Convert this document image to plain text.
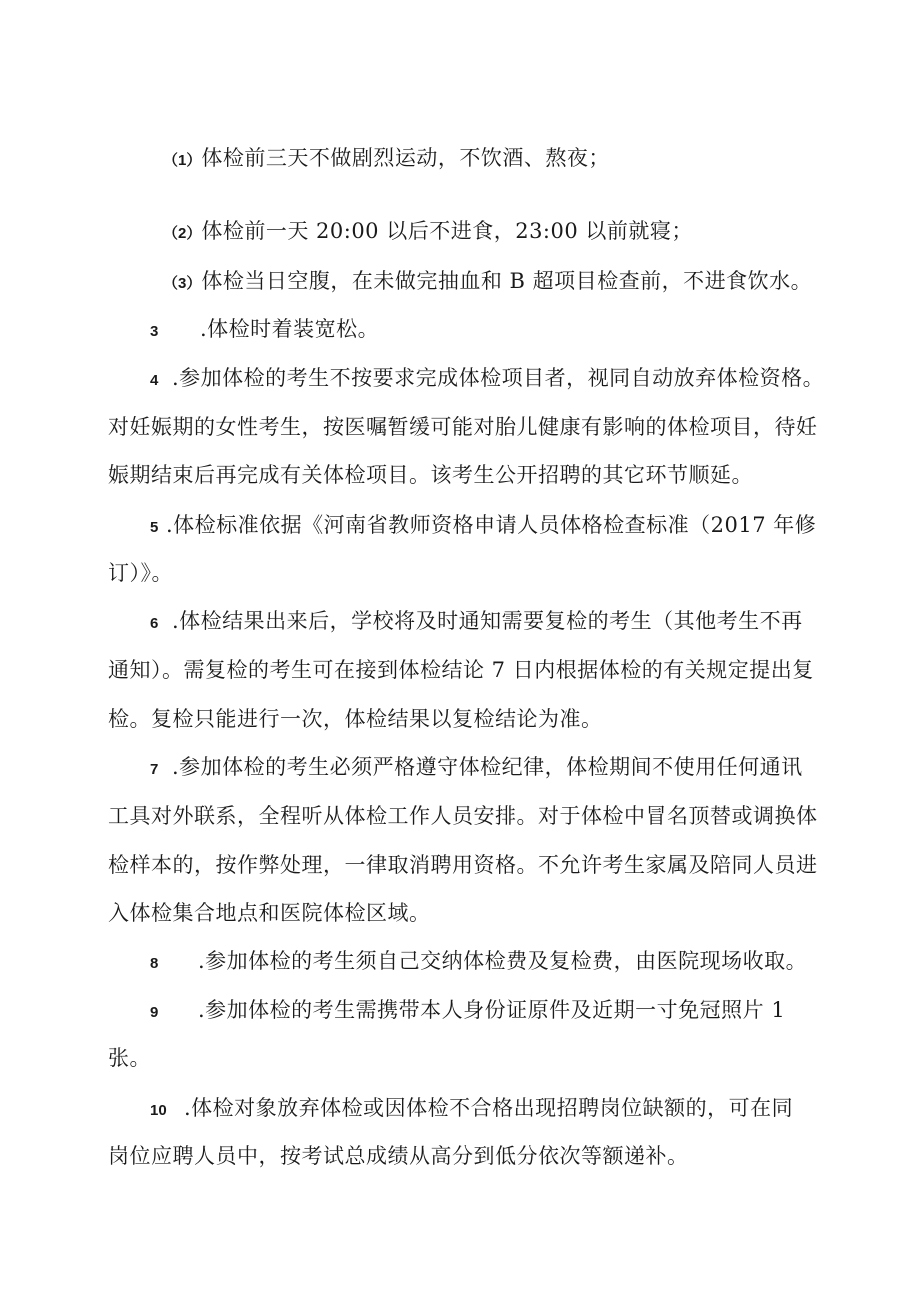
（1）体检前三天不做剧烈运动，不饮酒、熬夜；
（2）体检前一天 20:00 以后不进食，23:00 以前就寝；
（3）体检当日空腹，在未做完抽血和 B 超项目检查前，不进食饮水。
3 .体检时着装宽松。
4 .参加体检的考生不按要求完成体检项目者，视同自动放弃体检资格。
对妊娠期的女性考生，按医嘱暂缓可能对胎儿健康有影响的体检项目，待妊
娠期结束后再完成有关体检项目。该考生公开招聘的其它环节顺延。
5 .体检标准依据《河南省教师资格申请人员体格检查标准（2017 年修
订）》。
6 .体检结果出来后，学校将及时通知需要复检的考生（其他考生不再
通知）。需复检的考生可在接到体检结论 7 日内根据体检的有关规定提出复
检。复检只能进行一次，体检结果以复检结论为准。
7 .参加体检的考生必须严格遵守体检纪律，体检期间不使用任何通讯
工具对外联系，全程听从体检工作人员安排。对于体检中冒名顶替或调换体
检样本的，按作弊处理，一律取消聘用资格。不允许考生家属及陪同人员进
入体检集合地点和医院体检区域。
8 .参加体检的考生须自己交纳体检费及复检费，由医院现场收取。
9 .参加体检的考生需携带本人身份证原件及近期一寸免冠照片 1
张。
10 .体检对象放弃体检或因体检不合格出现招聘岗位缺额的，可在同
岗位应聘人员中，按考试总成绩从高分到低分依次等额递补。
